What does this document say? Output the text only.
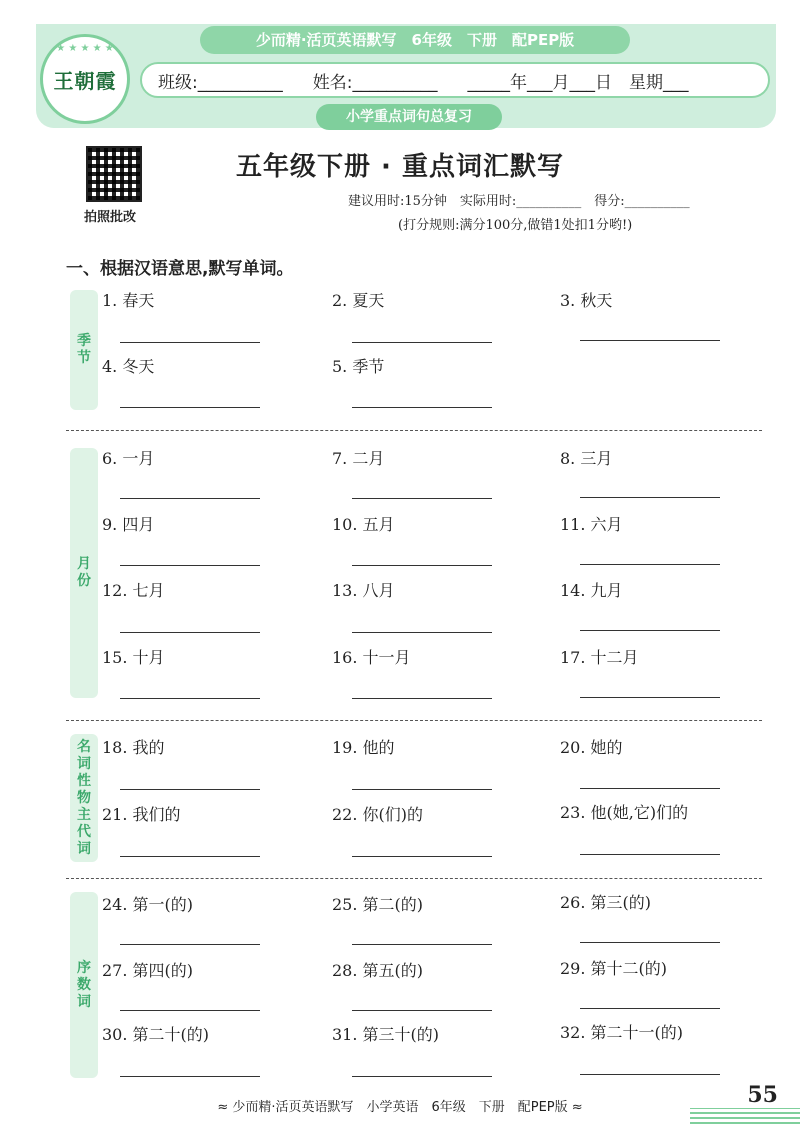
少而精·活页英语默写　6年级　下册　配PEP版
★ ★ ★ ★ ★
王朝霞	班级:__________ 姓名:__________ _____年___月___日　星期___
小学重点词句总复习
拍照批改
五年级下册 · 重点词汇默写
建议用时:15分钟　实际用时:__________　得分:__________
(打分规则:满分100分,做错1处扣1分哟!)
一、根据汉语意思,默写单词。
季节
1. 春天	2. 夏天	3. 秋天
4. 冬天	5. 季节
月份
6. 一月	7. 二月	8. 三月
9. 四月	10. 五月	11. 六月
12. 七月	13. 八月	14. 九月
15. 十月	16. 十一月	17. 十二月
名词性物主代词
18. 我的	19. 他的	20. 她的
21. 我们的	22. 你(们)的	23. 他(她,它)们的
序数词
24. 第一(的)	25. 第二(的)	26. 第三(的)
27. 第四(的)	28. 第五(的)	29. 第十二(的)
30. 第二十(的)	31. 第三十(的)	32. 第二十一(的)
≈ 少而精·活页英语默写　小学英语　6年级　下册　配PEP版 ≈	55
